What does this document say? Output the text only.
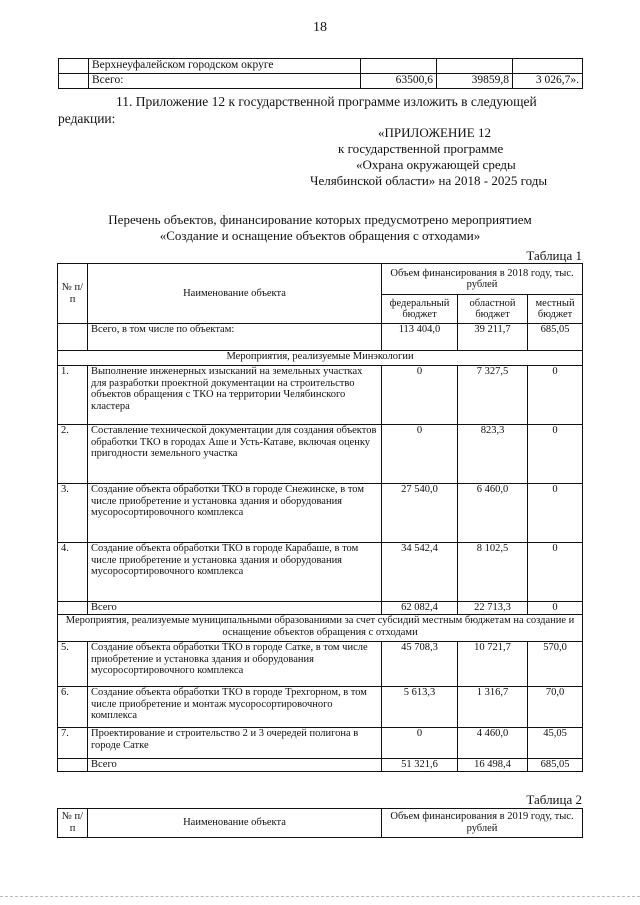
18
	Верхнеуфалейском городском округе			
	Всего:	63500,6	39859,8	3 026,7».
11. Приложение 12 к государственной программе изложить в следующей редакции:
«ПРИЛОЖЕНИЕ 12
к государственной программе
«Охрана окружающей среды
Челябинской области» на 2018 - 2025 годы
Перечень объектов, финансирование которых предусмотрено мероприятием
«Создание и оснащение объектов обращения с отходами»
Таблица 1
№ п/п	Наименование объекта	Объем финансирования в 2018 году, тыс. рублей		
		федеральный бюджет	областной бюджет	местный бюджет
	Всего, в том числе по объектам:	113 404,0	39 211,7	685,05
Мероприятия, реализуемые Минэкологии				
1.	Выполнение инженерных изысканий на земельных участках для разработки проектной документации на строительство объектов обращения с ТКО на территории Челябинского кластера	0	7 327,5	0
2.	Составление технической документации для создания объектов обработки ТКО в городах Аше и Усть-Катаве, включая оценку пригодности земельного участка	0	823,3	0
3.	Создание объекта обработки ТКО в городе Снежинске, в том числе приобретение и установка здания и оборудования мусоросортировочного комплекса	27 540,0	6 460,0	0
4.	Создание объекта обработки ТКО в городе Карабаше, в том числе приобретение и установка здания и оборудования мусоросортировочного комплекса	34 542,4	8 102,5	0
	Всего	62 082,4	22 713,3	0
Мероприятия, реализуемые муниципальными образованиями за счет субсидий местным бюджетам на создание и оснащение объектов обращения с отходами				
5.	Создание объекта обработки ТКО в городе Сатке, в том числе приобретение и установка здания и оборудования мусоросортировочного комплекса	45 708,3	10 721,7	570,0
6.	Создание объекта обработки ТКО в городе Трехгорном, в том числе приобретение и монтаж мусоросортировочного комплекса	5 613,3	1 316,7	70,0
7.	Проектирование и строительство 2 и 3 очередей полигона в городе Сатке	0	4 460,0	45,05
	Всего	51 321,6	16 498,4	685,05
Таблица 2
№ п/п	Наименование объекта	Объем финансирования в 2019 году, тыс. рублей
